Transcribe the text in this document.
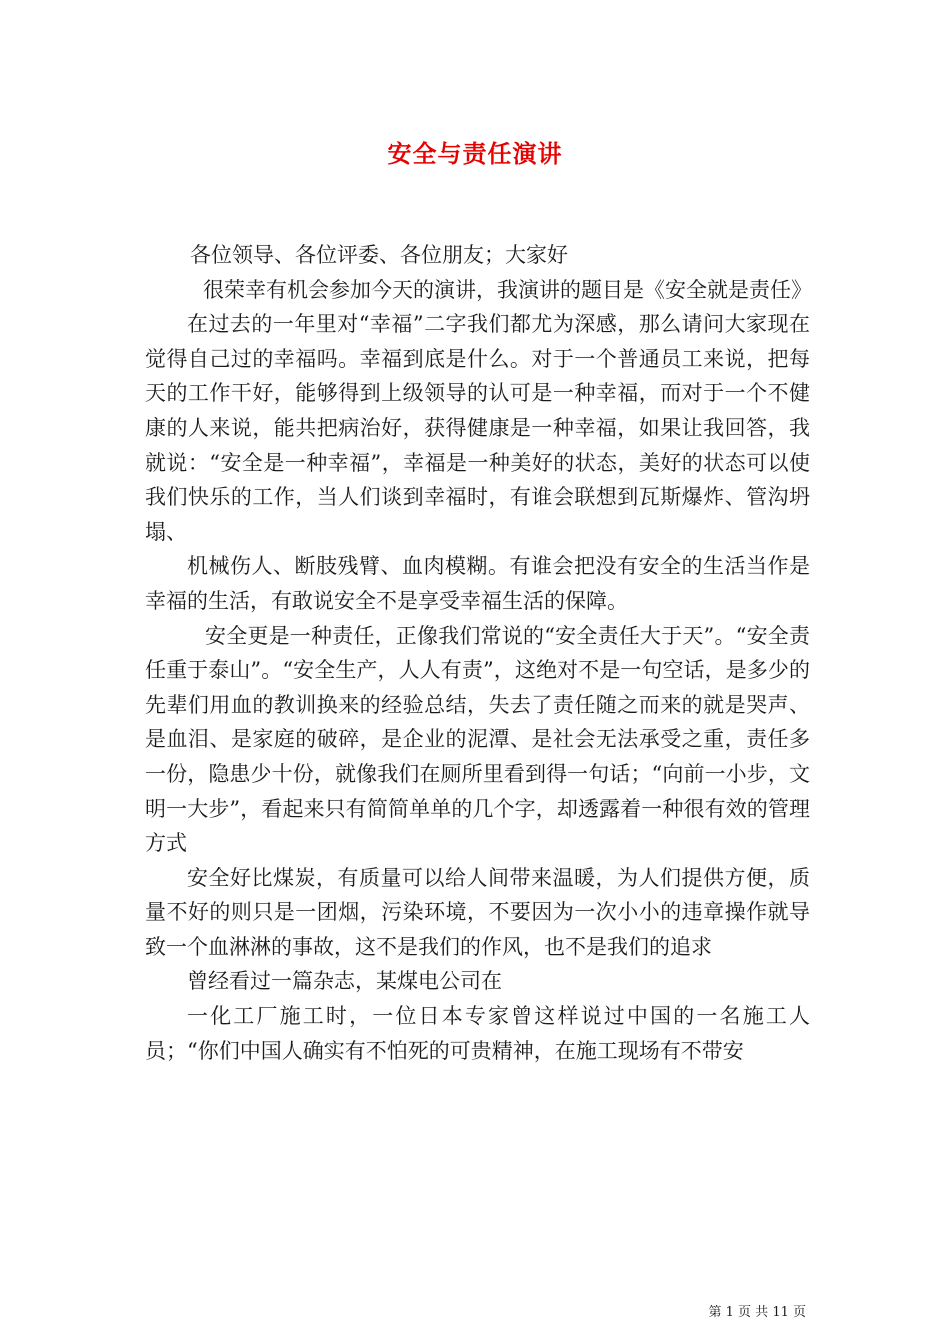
安全与责任演讲

各位领导、各位评委、各位朋友；大家好

很荣幸有机会参加今天的演讲，我演讲的题目是《安全就是责任》

在过去的一年里对“幸福”二字我们都尤为深感，那么请问大家现在觉得自己过的幸福吗。幸福到底是什么。对于一个普通员工来说，把每天的工作干好，能够得到上级领导的认可是一种幸福，而对于一个不健康的人来说，能共把病治好，获得健康是一种幸福，如果让我回答，我就说：“安全是一种幸福”，幸福是一种美好的状态，美好的状态可以使我们快乐的工作，当人们谈到幸福时，有谁会联想到瓦斯爆炸、管沟坍塌、

机械伤人、断肢残臂、血肉模糊。有谁会把没有安全的生活当作是幸福的生活，有敢说安全不是享受幸福生活的保障。

安全更是一种责任，正像我们常说的“安全责任大于天”。“安全责任重于泰山”。“安全生产，人人有责”，这绝对不是一句空话，是多少的先辈们用血的教训换来的经验总结，失去了责任随之而来的就是哭声、是血泪、是家庭的破碎，是企业的泥潭、是社会无法承受之重，责任多一份，隐患少十份，就像我们在厕所里看到得一句话；“向前一小步，文明一大步”，看起来只有简简单单的几个字，却透露着一种很有效的管理方式

安全好比煤炭，有质量可以给人间带来温暖，为人们提供方便，质量不好的则只是一团烟，污染环境，不要因为一次小小的违章操作就导致一个血淋淋的事故，这不是我们的作风，也不是我们的追求

曾经看过一篇杂志，某煤电公司在

一化工厂施工时，一位日本专家曾这样说过中国的一名施工人员；“你们中国人确实有不怕死的可贵精神，在施工现场有不带安

第 1 页 共 11 页
